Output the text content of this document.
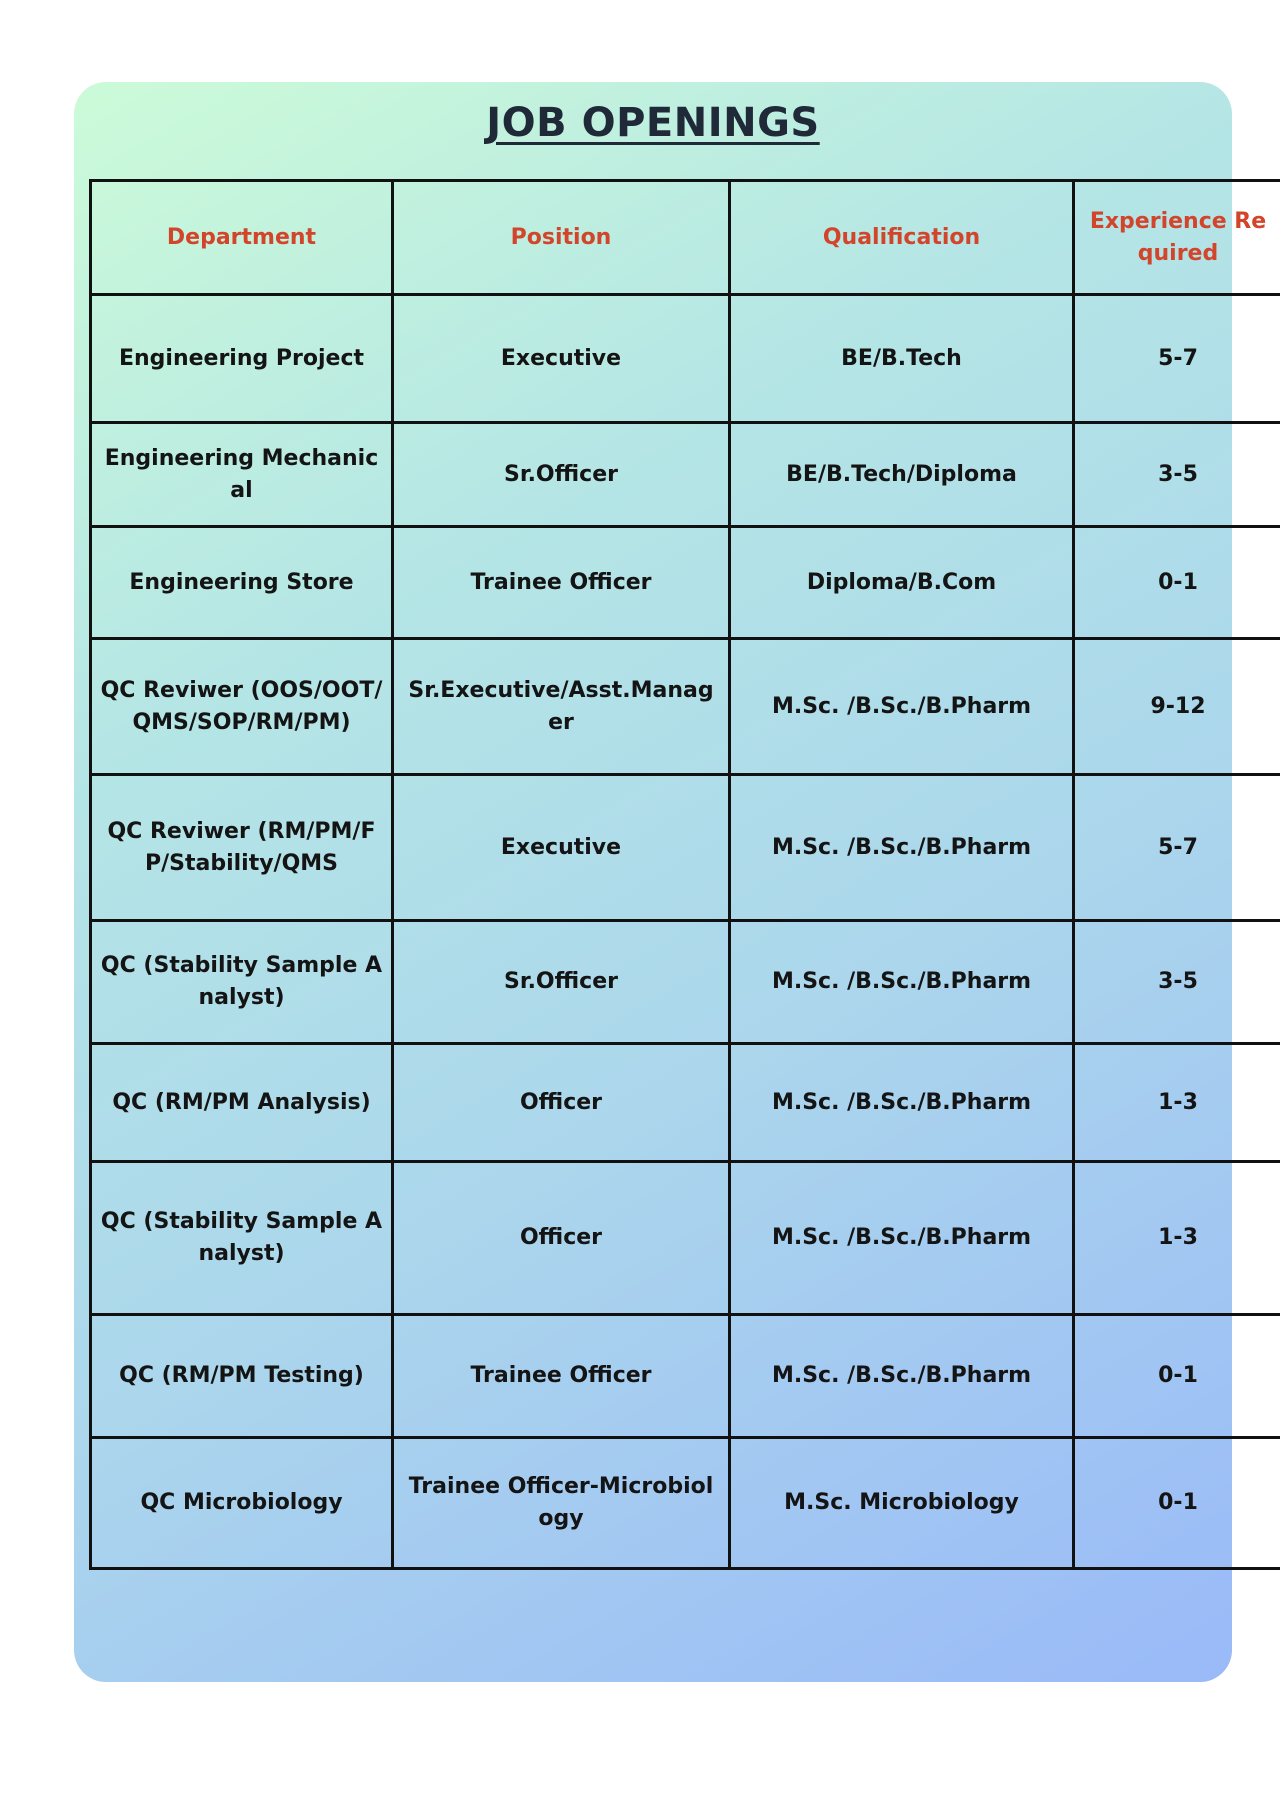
JOB OPENINGS
Department	Position	Qualification	Experience Required
Engineering Project	Executive	BE/B.Tech	5-7
Engineering Mechanical	Sr.Officer	BE/B.Tech/Diploma	3-5
Engineering Store	Trainee Officer	Diploma/B.Com	0-1
QC Reviwer (OOS/OOT/QMS/SOP/RM/PM)	Sr.Executive/Asst.Manager	M.Sc. /B.Sc./B.Pharm	9-12
QC Reviwer (RM/PM/FP/Stability/QMS	Executive	M.Sc. /B.Sc./B.Pharm	5-7
QC (Stability Sample Analyst)	Sr.Officer	M.Sc. /B.Sc./B.Pharm	3-5
QC (RM/PM Analysis)	Officer	M.Sc. /B.Sc./B.Pharm	1-3
QC (Stability Sample Analyst)	Officer	M.Sc. /B.Sc./B.Pharm	1-3
QC (RM/PM Testing)	Trainee Officer	M.Sc. /B.Sc./B.Pharm	0-1
QC Microbiology	Trainee Officer-Microbiology	M.Sc. Microbiology	0-1
